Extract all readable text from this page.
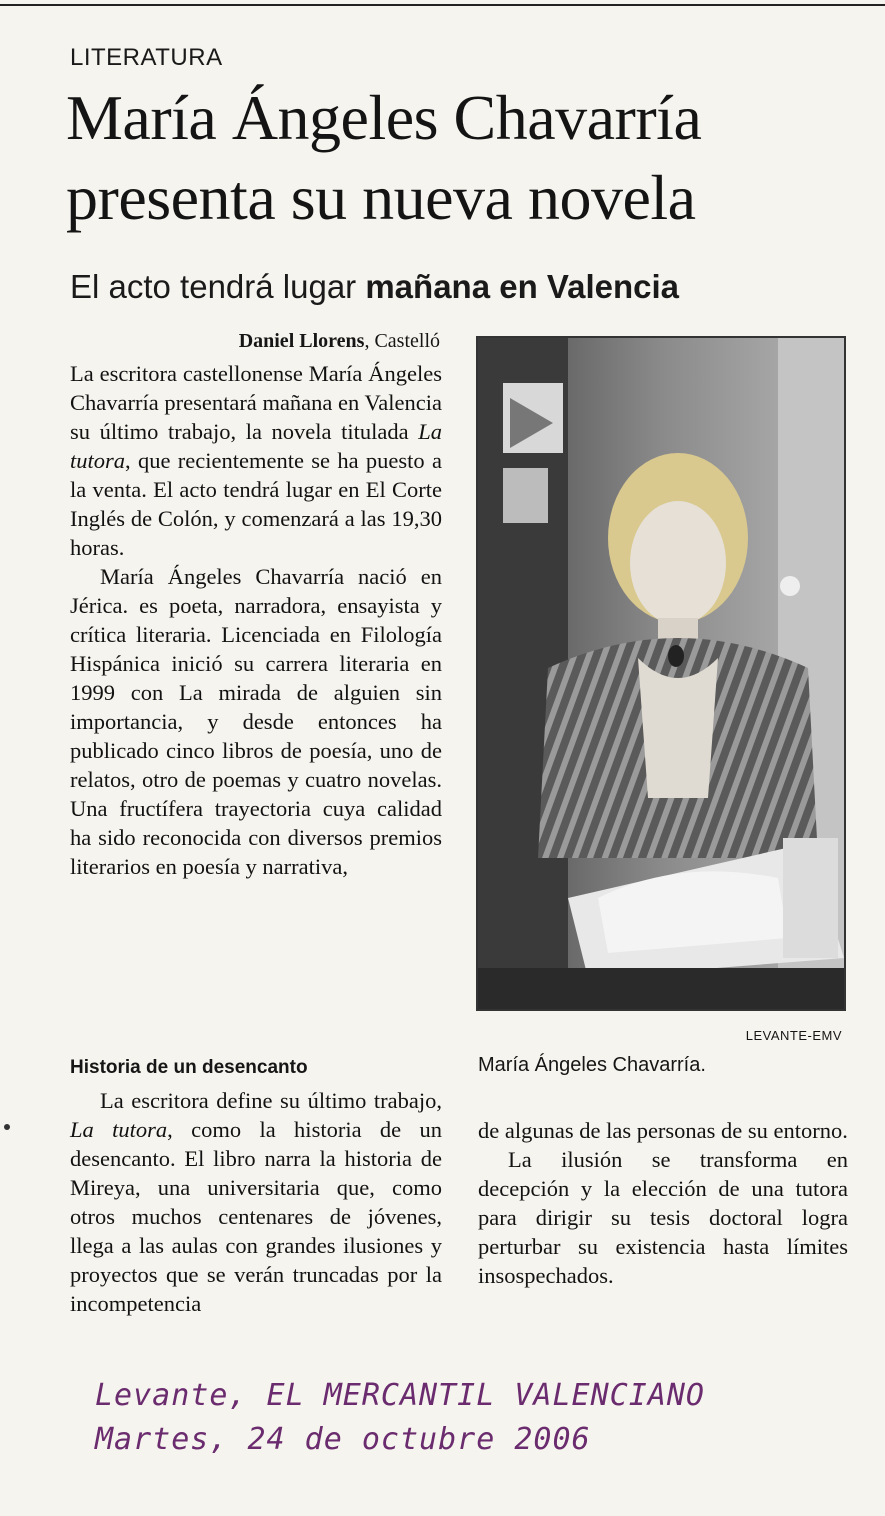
LITERATURA
María Ángeles Chavarría
presenta su nueva novela
El acto tendrá lugar mañana en Valencia
Daniel Llorens, Castelló

La escritora castellonense María Ángeles Chavarría presentará mañana en Valencia su último trabajo, la novela titulada La tutora, que recientemente se ha puesto a la venta. El acto tendrá lugar en El Corte Inglés de Colón, y comenzará a las 19,30 horas.

María Ángeles Chavarría nació en Jérica. es poeta, narradora, ensayista y crítica literaria. Licenciada en Filología Hispánica inició su carrera literaria en 1999 con La mirada de alguien sin importancia, y desde entonces ha publicado cinco libros de poesía, uno de relatos, otro de poemas y cuatro novelas. Una fructífera trayectoria cuya calidad ha sido reconocida con diversos premios literarios en poesía y narrativa,

Historia de un desencanto

La escritora define su último trabajo, La tutora, como la historia de un desencanto. El libro narra la historia de Mireya, una universitaria que, como otros muchos centenares de jóvenes, llega a las aulas con grandes ilusiones y proyectos que se verán truncadas por la incompetencia

LEVANTE-EMV
María Ángeles Chavarría.

de algunas de las personas de su entorno.

La ilusión se transforma en decepción y la elección de una tutora para dirigir su tesis doctoral logra perturbar su existencia hasta límites insospechados.

Levante, EL MERCANTIL VALENCIANO
Martes, 24 de octubre 2006
